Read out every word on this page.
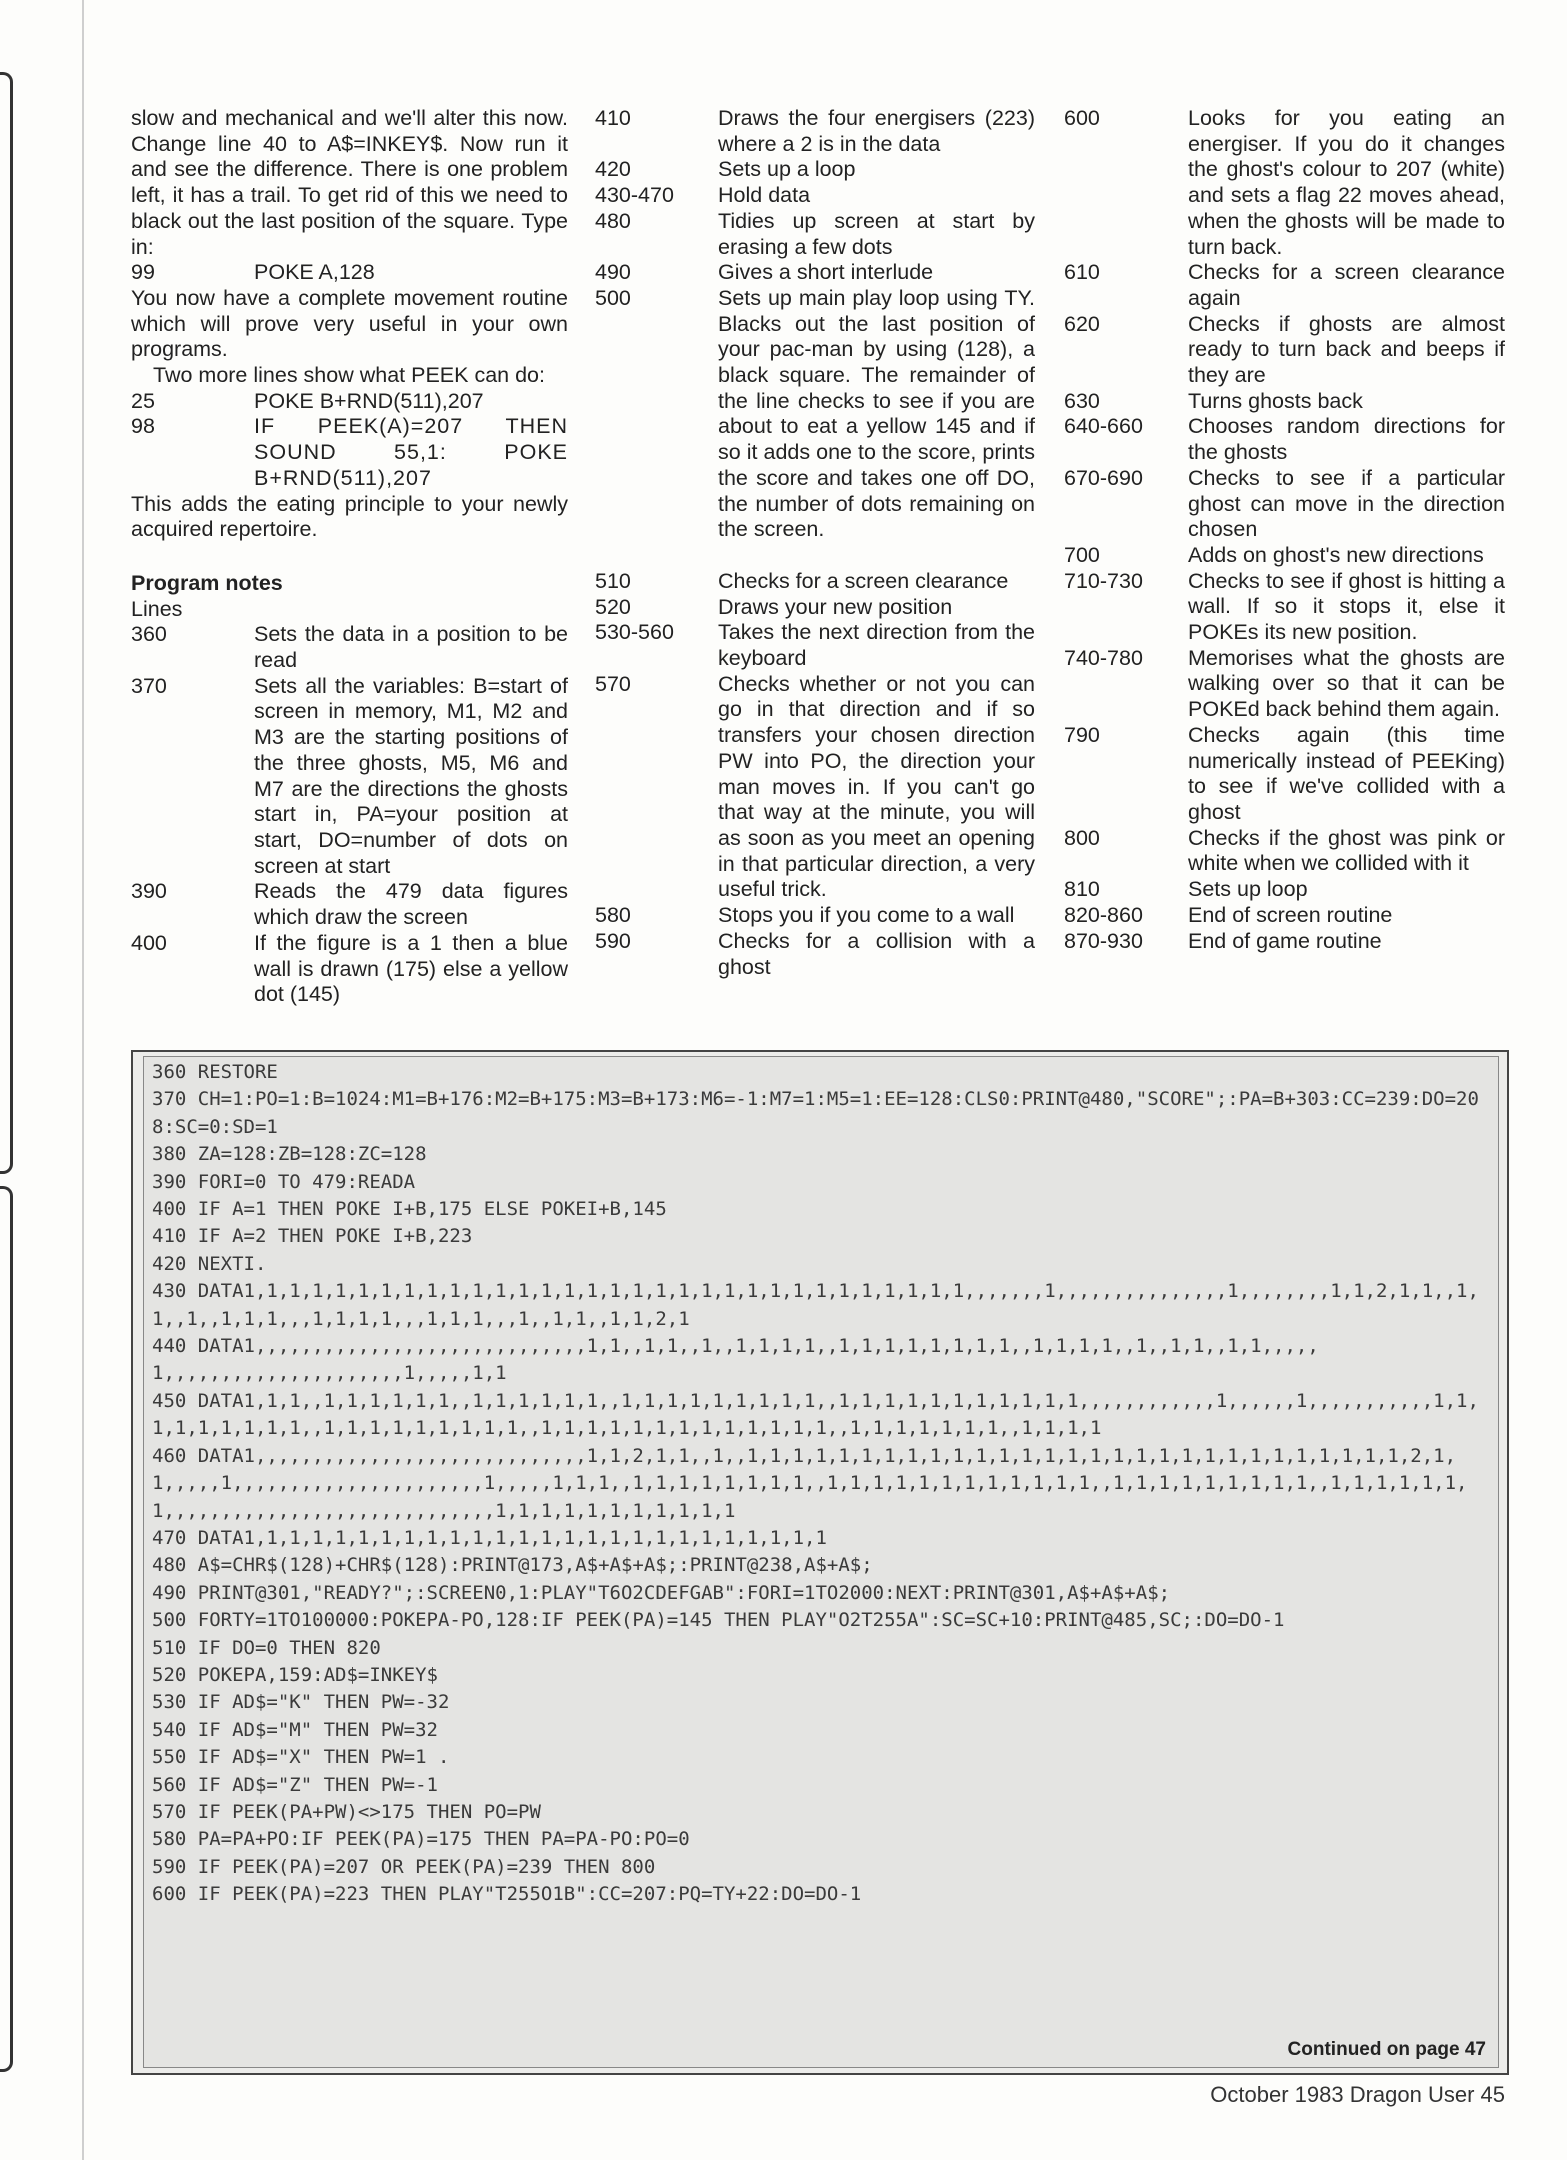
slow and mechanical and we'll alter this now. Change line 40 to A$=INKEY$. Now run it and see the difference. There is one problem left, it has a trail. To get rid of this we need to black out the last position of the square. Type in:

99	POKE A,128

You now have a complete movement routine which will prove very useful in your own programs.

Two more lines show what PEEK can do:

25	POKE B+RND(511),207
98	IF PEEK(A)=207 THEN SOUND 55,1: POKE B+RND(511),207

This adds the eating principle to your newly acquired repertoire.

Program notes
Lines
360	Sets the data in a position to be read
370	Sets all the variables: B=start of screen in memory, M1, M2 and M3 are the starting positions of the three ghosts, M5, M6 and M7 are the directions the ghosts start in, PA=your position at start, DO=number of dots on screen at start
390	Reads the 479 data figures which draw the screen
400	If the figure is a 1 then a blue wall is drawn (175) else a yellow dot (145)
410	Draws the four energisers (223) where a 2 is in the data
420	Sets up a loop
430-470	Hold data
480	Tidies up screen at start by erasing a few dots
490	Gives a short interlude
500	Sets up main play loop using TY. Blacks out the last position of your pac-man by using (128), a black square. The remainder of the line checks to see if you are about to eat a yellow 145 and if so it adds one to the score, prints the score and takes one off DO, the number of dots remaining on the screen.
510	Checks for a screen clearance
520	Draws your new position
530-560	Takes the next direction from the keyboard
570	Checks whether or not you can go in that direction and if so transfers your chosen direction PW into PO, the direction your man moves in. If you can't go that way at the minute, you will as soon as you meet an opening in that particular direction, a very useful trick.
580	Stops you if you come to a wall
590	Checks for a collision with a ghost
600	Looks for you eating an energiser. If you do it changes the ghost's colour to 207 (white) and sets a flag 22 moves ahead, when the ghosts will be made to turn back.
610	Checks for a screen clearance again
620	Checks if ghosts are almost ready to turn back and beeps if they are
630	Turns ghosts back
640-660	Chooses random directions for the ghosts
670-690	Checks to see if a particular ghost can move in the direction chosen
700	Adds on ghost's new directions
710-730	Checks to see if ghost is hitting a wall. If so it stops it, else it POKEs its new position.
740-780	Memorises what the ghosts are walking over so that it can be POKEd back behind them again.
790	Checks again (this time numerically instead of PEEKing) to see if we've collided with a ghost
800	Checks if the ghost was pink or white when we collided with it
810	Sets up loop
820-860	End of screen routine
870-930	End of game routine
360 RESTORE
370 CH=1:PO=1:B=1024:M1=B+176:M2=B+175:M3=B+173:M6=-1:M7=1:M5=1:EE=128:CLS0:PRINT@480,"SCORE";:PA=B+303:CC=239:DO=208:SC=0:SD=1
380 ZA=128:ZB=128:ZC=128
390 FORI=0 TO 479:READA
400 IF A=1 THEN POKE I+B,175 ELSE POKEI+B,145
410 IF A=2 THEN POKE I+B,223
420 NEXTI.
430 DATA1,1,1,1,1,1,1,1,1,1,1,1,1,1,1,1,1,1,1,1,1,1,1,1,1,1,1,1,1,1,1,1,,,,,,,1,,,,,,,,,,,,,,,1,,,,,,,,1,1,2,1,1,,1,1,,1,,1,1,1,,,1,1,1,1,,,1,1,1,,,1,,1,1,,1,1,2,1
440 DATA1,,,,,,,,,,,,,,,,,,,,,,,,,,,,,1,1,,1,1,,1,,1,1,1,1,,1,1,1,1,1,1,1,1,,1,1,1,1,,1,,1,1,,1,1,,,,,1,,,,,,,,,,,,,,,,,,,,,1,,,,,1,1
450 DATA1,1,1,,1,1,1,1,1,1,,1,1,1,1,1,1,,1,1,1,1,1,1,1,1,1,,1,1,1,1,1,1,1,1,1,1,1,,,,,,,,,,,,1,,,,,,1,,,,,,,,,,,1,1,1,1,1,1,1,1,1,,1,1,1,1,1,1,1,1,1,,1,1,1,1,1,1,1,1,1,1,1,1,1,,1,1,1,1,1,1,1,,1,1,1,1
460 DATA1,,,,,,,,,,,,,,,,,,,,,,,,,,,,,1,1,2,1,1,,1,,1,1,1,1,1,1,1,1,1,1,1,1,1,1,1,1,1,1,1,1,1,1,1,1,1,1,1,1,1,2,1,1,,,,,1,,,,,,,,,,,,,,,,,,,,,,1,,,,,1,1,1,,1,1,1,1,1,1,1,1,,1,1,1,1,1,1,1,1,1,1,1,1,,1,1,1,1,1,1,1,1,1,,1,1,1,1,1,1,1,,,,,,,,,,,,,,,,,,,,,,,,,,,,,1,1,1,1,1,1,1,1,1,1,1
470 DATA1,1,1,1,1,1,1,1,1,1,1,1,1,1,1,1,1,1,1,1,1,1,1,1,1,1
480 A$=CHR$(128)+CHR$(128):PRINT@173,A$+A$+A$;:PRINT@238,A$+A$;
490 PRINT@301,"READY?";:SCREEN0,1:PLAY"T6O2CDEFGAB":FORI=1TO2000:NEXT:PRINT@301,A$+A$+A$;
500 FORTY=1TO100000:POKEPA-PO,128:IF PEEK(PA)=145 THEN PLAY"O2T255A":SC=SC+10:PRINT@485,SC;:DO=DO-1
510 IF DO=0 THEN 820
520 POKEPA,159:AD$=INKEY$
530 IF AD$="K" THEN PW=-32
540 IF AD$="M" THEN PW=32
550 IF AD$="X" THEN PW=1 .
560 IF AD$="Z" THEN PW=-1
570 IF PEEK(PA+PW)<>175 THEN PO=PW
580 PA=PA+PO:IF PEEK(PA)=175 THEN PA=PA-PO:PO=0
590 IF PEEK(PA)=207 OR PEEK(PA)=239 THEN 800
600 IF PEEK(PA)=223 THEN PLAY"T255O1B":CC=207:PQ=TY+22:DO=DO-1
Continued on page 47
October 1983 Dragon User 45
